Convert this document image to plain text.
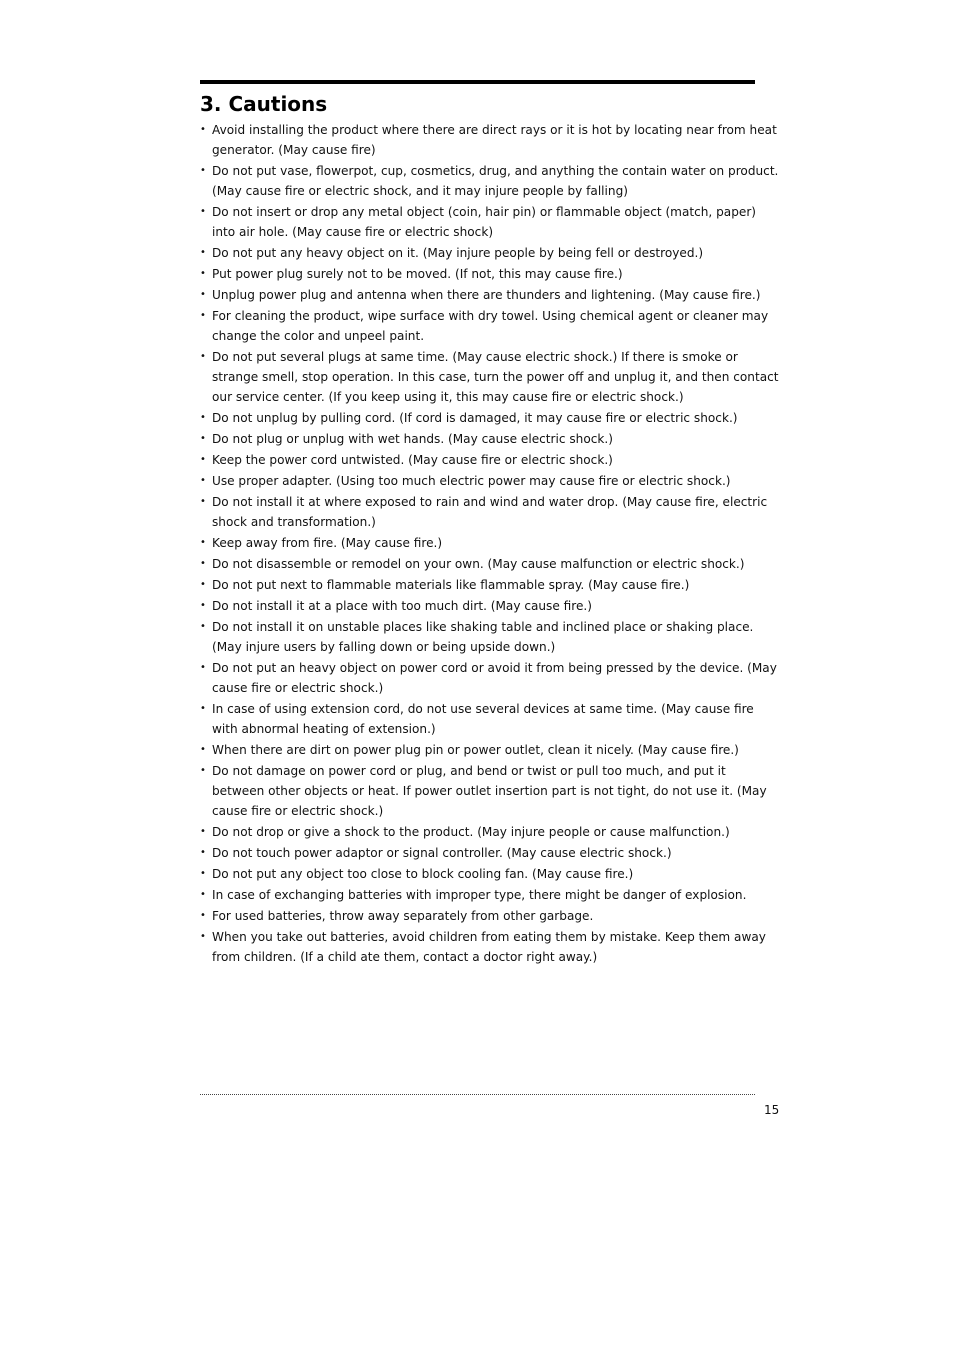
3. Cautions
• Avoid installing the product where there are direct rays or it is hot by locating near from heat generator. (May cause fire)
• Do not put vase, flowerpot, cup, cosmetics, drug, and anything the contain water on product. (May cause fire or electric shock, and it may injure people by falling)
• Do not insert or drop any metal object (coin, hair pin) or flammable object (match, paper) into air hole. (May cause fire or electric shock)
• Do not put any heavy object on it. (May injure people by being fell or destroyed.)
• Put power plug surely not to be moved. (If not, this may cause fire.)
• Unplug power plug and antenna when there are thunders and lightening. (May cause fire.)
• For cleaning the product, wipe surface with dry towel. Using chemical agent or cleaner may change the color and unpeel paint.
• Do not put several plugs at same time. (May cause electric shock.) If there is smoke or strange smell, stop operation. In this case, turn the power off and unplug it, and then contact our service center. (If you keep using it, this may cause fire or electric shock.)
• Do not unplug by pulling cord. (If cord is damaged, it may cause fire or electric shock.)
• Do not plug or unplug with wet hands. (May cause electric shock.)
• Keep the power cord untwisted. (May cause fire or electric shock.)
• Use proper adapter. (Using too much electric power may cause fire or electric shock.)
• Do not install it at where exposed to rain and wind and water drop. (May cause fire, electric shock and transformation.)
• Keep away from fire. (May cause fire.)
• Do not disassemble or remodel on your own. (May cause malfunction or electric shock.)
• Do not put next to flammable materials like flammable spray. (May cause fire.)
• Do not install it at a place with too much dirt. (May cause fire.)
• Do not install it on unstable places like shaking table and inclined place or shaking place. (May injure users by falling down or being upside down.)
• Do not put an heavy object on power cord or avoid it from being pressed by the device. (May cause fire or electric shock.)
• In case of using extension cord, do not use several devices at same time. (May cause fire with abnormal heating of extension.)
• When there are dirt on power plug pin or power outlet, clean it nicely. (May cause fire.)
• Do not damage on power cord or plug, and bend or twist or pull too much, and put it between other objects or heat. If power outlet insertion part is not tight, do not use it. (May cause fire or electric shock.)
• Do not drop or give a shock to the product. (May injure people or cause malfunction.)
• Do not touch power adaptor or signal controller. (May cause electric shock.)
• Do not put any object too close to block cooling fan. (May cause fire.)
• In case of exchanging batteries with improper type, there might be danger of explosion.
• For used batteries, throw away separately from other garbage.
• When you take out batteries, avoid children from eating them by mistake. Keep them away from children. (If a child ate them, contact a doctor right away.)
15
